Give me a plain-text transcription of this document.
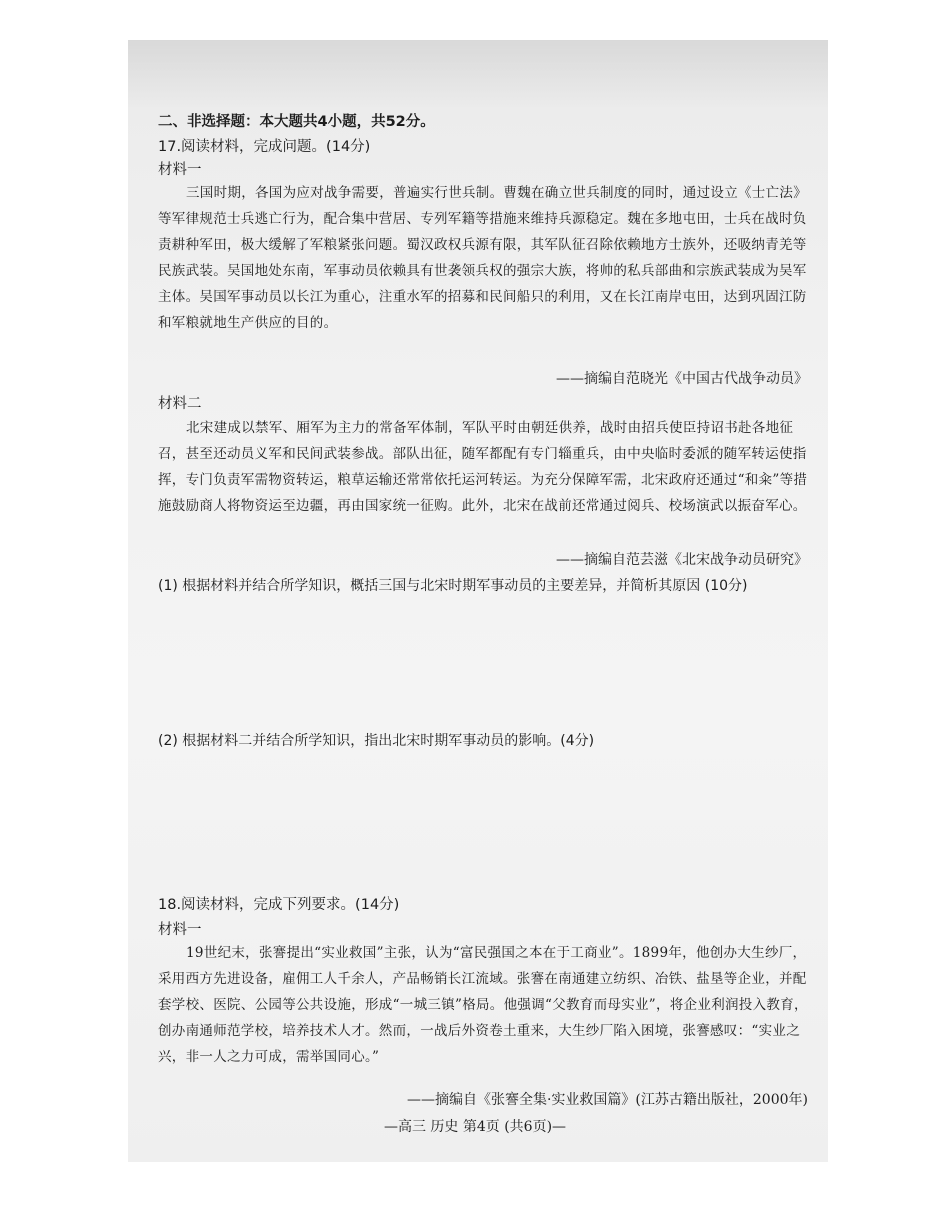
二、非选择题：本大题共4小题，共52分。
17.阅读材料，完成问题。(14分)
材料一
三国时期，各国为应对战争需要，普遍实行世兵制。曹魏在确立世兵制度的同时，通过设立《士亡法》等军律规范士兵逃亡行为，配合集中营居、专列军籍等措施来维持兵源稳定。魏在多地屯田，士兵在战时负责耕种军田，极大缓解了军粮紧张问题。蜀汉政权兵源有限，其军队征召除依赖地方士族外，还吸纳青羌等民族武装。吴国地处东南，军事动员依赖具有世袭领兵权的强宗大族，将帅的私兵部曲和宗族武装成为吴军主体。吴国军事动员以长江为重心，注重水军的招募和民间船只的利用，又在长江南岸屯田，达到巩固江防和军粮就地生产供应的目的。
——摘编自范晓光《中国古代战争动员》
材料二
北宋建成以禁军、厢军为主力的常备军体制，军队平时由朝廷供养，战时由招兵使臣持诏书赴各地征召，甚至还动员义军和民间武装参战。部队出征，随军都配有专门辎重兵，由中央临时委派的随军转运使指挥，专门负责军需物资转运，粮草运输还常常依托运河转运。为充分保障军需，北宋政府还通过“和籴”等措施鼓励商人将物资运至边疆，再由国家统一征购。此外，北宋在战前还常通过阅兵、校场演武以振奋军心。
——摘编自范芸滋《北宋战争动员研究》
(1) 根据材料并结合所学知识，概括三国与北宋时期军事动员的主要差异，并简析其原因 (10分)
(2) 根据材料二并结合所学知识，指出北宋时期军事动员的影响。(4分)
18.阅读材料，完成下列要求。(14分)
材料一
19世纪末，张謇提出“实业救国”主张，认为“富民强国之本在于工商业”。1899年，他创办大生纱厂，采用西方先进设备，雇佣工人千余人，产品畅销长江流域。张謇在南通建立纺织、冶铁、盐垦等企业，并配套学校、医院、公园等公共设施，形成“一城三镇”格局。他强调“父教育而母实业”，将企业利润投入教育，创办南通师范学校，培养技术人才。然而，一战后外资卷土重来，大生纱厂陷入困境，张謇感叹：“实业之兴，非一人之力可成，需举国同心。”
——摘编自《张謇全集·实业救国篇》(江苏古籍出版社，2000年)
—高三 历史 第4页 (共6页)—
